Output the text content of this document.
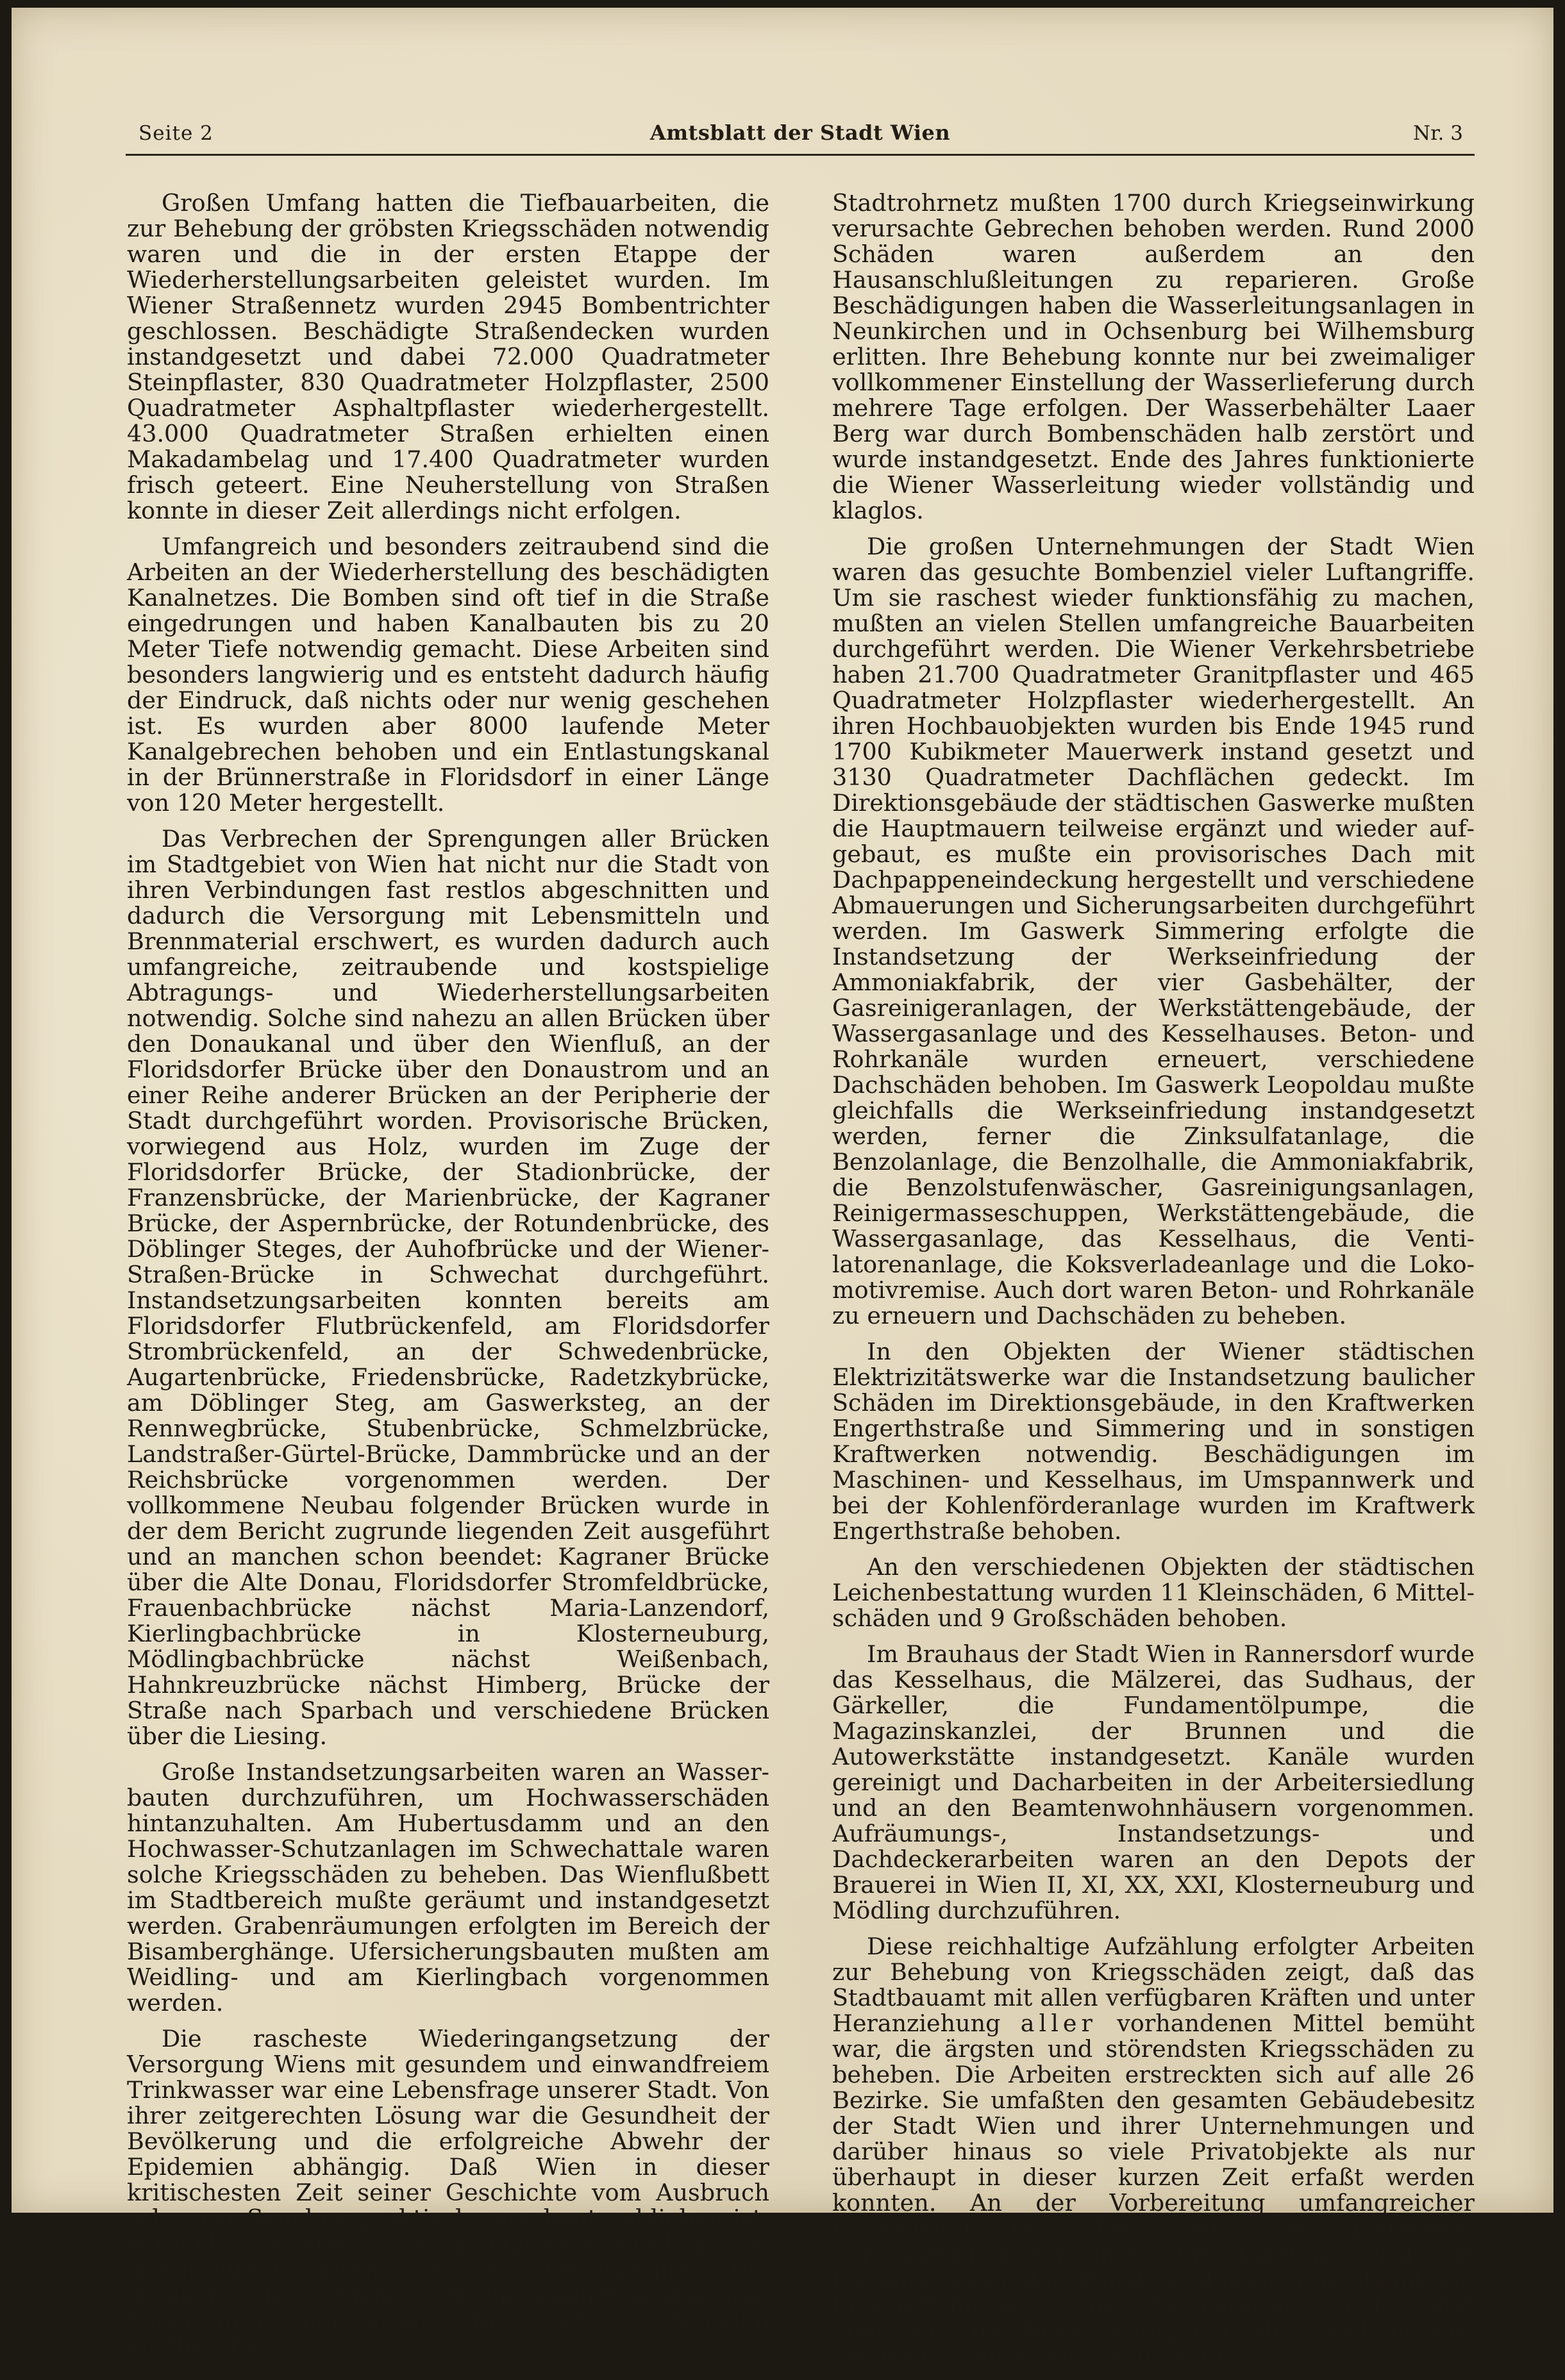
Seite 2	Amtsblatt der Stadt Wien	Nr. 3

Großen Umfang hatten die Tiefbauarbeiten, die zur Behebung der gröbsten Kriegsschäden notwendig waren und die in der ersten Etappe der Wiederherstellungsarbeiten geleistet wurden. Im Wiener Straßennetz wurden 2945 Bombentrichter geschlossen. Beschädigte Straßendecken wurden instandgesetzt und dabei 72.000 Quadratmeter Steinpflaster, 830 Quadratmeter Holzpflaster, 2500 Quadratmeter Asphaltpflaster wiederhergestellt. 43.000 Quadratmeter Straßen erhielten einen Makadambelag und 17.400 Quadratmeter wurden frisch geteert. Eine Neuherstellung von Straßen konnte in dieser Zeit allerdings nicht erfolgen.

Umfangreich und besonders zeitraubend sind die Arbeiten an der Wiederherstellung des beschädigten Kanalnetzes. Die Bomben sind oft tief in die Straße eingedrungen und haben Kanalbauten bis zu 20 Meter Tiefe notwendig gemacht. Diese Arbeiten sind besonders langwierig und es entsteht dadurch häufig der Eindruck, daß nichts oder nur wenig geschehen ist. Es wurden aber 8000 laufende Meter Kanalgebrechen behoben und ein Entlastungskanal in der Brünnerstraße in Floridsdorf in einer Länge von 120 Meter hergestellt.

Das Verbrechen der Sprengungen aller Brücken im Stadtgebiet von Wien hat nicht nur die Stadt von ihren Verbindungen fast restlos abgeschnitten und dadurch die Versorgung mit Lebensmitteln und Brennmaterial erschwert, es wurden dadurch auch umfangreiche, zeitraubende und kostspielige Abtragungs- und Wiederherstellungsarbeiten notwendig. Solche sind nahezu an allen Brücken über den Donaukanal und über den Wienfluß, an der Floridsdorfer Brücke über den Donaustrom und an einer Reihe anderer Brücken an der Peripherie der Stadt durchgeführt worden. Provisorische Brücken, vorwiegend aus Holz, wurden im Zuge der Floridsdorfer Brücke, der Stadionbrücke, der Franzensbrücke, der Marienbrücke, der Kagraner Brücke, der Aspernbrücke, der Rotundenbrücke, des Döblinger Steges, der Auhofbrücke und der Wiener-Straßen-Brücke in Schwechat durchgeführt. Instandsetzungsarbeiten konnten bereits am Floridsdorfer Flutbrückenfeld, am Floridsdorfer Strombrückenfeld, an der Schwedenbrücke, Augartenbrücke, Friedensbrücke, Radetzkybrücke, am Döblinger Steg, am Gaswerksteg, an der Rennwegbrücke, Stubenbrücke, Schmelzbrücke, Landstraßer-Gürtel-Brücke, Dammbrücke und an der Reichsbrücke vorgenommen werden. Der vollkommene Neubau folgender Brücken wurde in der dem Bericht zugrunde liegenden Zeit ausgeführt und an manchen schon beendet: Kagraner Brücke über die Alte Donau, Floridsdorfer Stromfeldbrücke, Frauenbachbrücke nächst Maria-Lanzendorf, Kierlingbachbrücke in Klosterneuburg, Mödlingbachbrücke nächst Weißenbach, Hahnkreuzbrücke nächst Himberg, Brücke der Straße nach Sparbach und verschiedene Brücken über die Liesing.

Große Instandsetzungsarbeiten waren an Wasserbauten durchzuführen, um Hochwasserschäden hintanzuhalten. Am Hubertusdamm und an den Hochwasser-Schutzanlagen im Schwechattale waren solche Kriegsschäden zu beheben. Das Wienflußbett im Stadtbereich mußte geräumt und instandgesetzt werden. Grabenräumungen erfolgten im Bereich der Bisamberghänge. Ufersicherungsbauten mußten am Weidling- und am Kierlingbach vorgenommen werden.

Die rascheste Wiederingangsetzung der Versorgung Wiens mit gesundem und einwandfreiem Trinkwasser war eine Lebensfrage unserer Stadt. Von ihrer zeitgerechten Lösung war die Gesundheit der Bevölkerung und die erfolgreiche Abwehr der Epidemien abhängig. Daß Wien in dieser kritischesten Zeit seiner Geschichte vom Ausbruch schwerer Seuchen praktisch verschont geblieben ist, verdankt die Stadt nicht zuletzt dem raschen und guten Funktionieren seiner Wasserversorgung. Die Anlagen der Wiener Hochquellen-Wasserleitung haben durch den Krieg äußerst schwere Schäden erlitten. Im

Stadtrohrnetz mußten 1700 durch Kriegseinwirkung verursachte Gebrechen behoben werden. Rund 2000 Schäden waren außerdem an den Hausanschlußleitungen zu reparieren. Große Beschädigungen haben die Wasserleitungsanlagen in Neunkirchen und in Ochsenburg bei Wilhemsburg erlitten. Ihre Behebung konnte nur bei zweimaliger vollkommener Einstellung der Wasserlieferung durch mehrere Tage erfolgen. Der Wasserbehälter Laaer Berg war durch Bombenschäden halb zerstört und wurde instandgesetzt. Ende des Jahres funktionierte die Wiener Wasserleitung wieder vollständig und klaglos.

Die großen Unternehmungen der Stadt Wien waren das gesuchte Bombenziel vieler Luftangriffe. Um sie raschest wieder funktionsfähig zu machen, mußten an vielen Stellen umfangreiche Bauarbeiten durchgeführt werden. Die Wiener Verkehrsbetriebe haben 21.700 Quadratmeter Granitpflaster und 465 Quadratmeter Holzpflaster wiederhergestellt. An ihren Hochbauobjekten wurden bis Ende 1945 rund 1700 Kubikmeter Mauerwerk instand gesetzt und 3130 Quadratmeter Dachflächen gedeckt. Im Direktionsgebäude der städtischen Gaswerke mußten die Hauptmauern teilweise ergänzt und wieder aufgebaut, es mußte ein provisorisches Dach mit Dachpappeneindeckung hergestellt und verschiedene Abmauerungen und Sicherungsarbeiten durchgeführt werden. Im Gaswerk Simmering erfolgte die Instandsetzung der Werkseinfriedung der Ammoniakfabrik, der vier Gasbehälter, der Gasreinigeranlagen, der Werkstättengebäude, der Wassergasanlage und des Kesselhauses. Beton- und Rohrkanäle wurden erneuert, verschiedene Dachschäden behoben. Im Gaswerk Leopoldau mußte gleichfalls die Werkseinfriedung instandgesetzt werden, ferner die Zinksulfatanlage, die Benzolanlage, die Benzolhalle, die Ammoniakfabrik, die Benzolstufenwäscher, Gasreinigungsanlagen, Reinigermasseschuppen, Werkstättengebäude, die Wassergasanlage, das Kesselhaus, die Ventilatorenanlage, die Koksverladeanlage und die Lokomotivremise. Auch dort waren Beton- und Rohrkanäle zu erneuern und Dachschäden zu beheben.

In den Objekten der Wiener städtischen Elektrizitätswerke war die Instandsetzung baulicher Schäden im Direktionsgebäude, in den Kraftwerken Engerthstraße und Simmering und in sonstigen Kraftwerken notwendig. Beschädigungen im Maschinen- und Kesselhaus, im Umspannwerk und bei der Kohlenförderanlage wurden im Kraftwerk Engerthstraße behoben.

An den verschiedenen Objekten der städtischen Leichenbestattung wurden 11 Kleinschäden, 6 Mittelschäden und 9 Großschäden behoben.

Im Brauhaus der Stadt Wien in Rannersdorf wurde das Kesselhaus, die Mälzerei, das Sudhaus, der Gärkeller, die Fundamentölpumpe, die Magazinskanzlei, der Brunnen und die Autowerkstätte instandgesetzt. Kanäle wurden gereinigt und Dacharbeiten in der Arbeitersiedlung und an den Beamtenwohnhäusern vorgenommen. Aufräumungs-, Instandsetzungs- und Dachdeckerarbeiten waren an den Depots der Brauerei in Wien II, XI, XX, XXI, Klosterneuburg und Mödling durchzuführen.

Diese reichhaltige Aufzählung erfolgter Arbeiten zur Behebung von Kriegsschäden zeigt, daß das Stadtbauamt mit allen verfügbaren Kräften und unter Heranziehung aller vorhandenen Mittel bemüht war, die ärgsten und störendsten Kriegsschäden zu beheben. Die Arbeiten erstreckten sich auf alle 26 Bezirke. Sie umfaßten den gesamten Gebäudebesitz der Stadt Wien und ihrer Unternehmungen und darüber hinaus so viele Privatobjekte als nur überhaupt in dieser kurzen Zeit erfaßt werden konnten. An der Vorbereitung umfangreicher Bauarbeiten im Jahre 1946 wird gearbeitet. Voraussetzung für ihre Durchführung wird die Ingangsetzung der Baustoffindustrie und damit die Beschaffung des nötigen Baumaterials, nicht zuletzt aber auch die Rückführung und Heranziehung der erforderlichen Arbeitskräfte sein.
